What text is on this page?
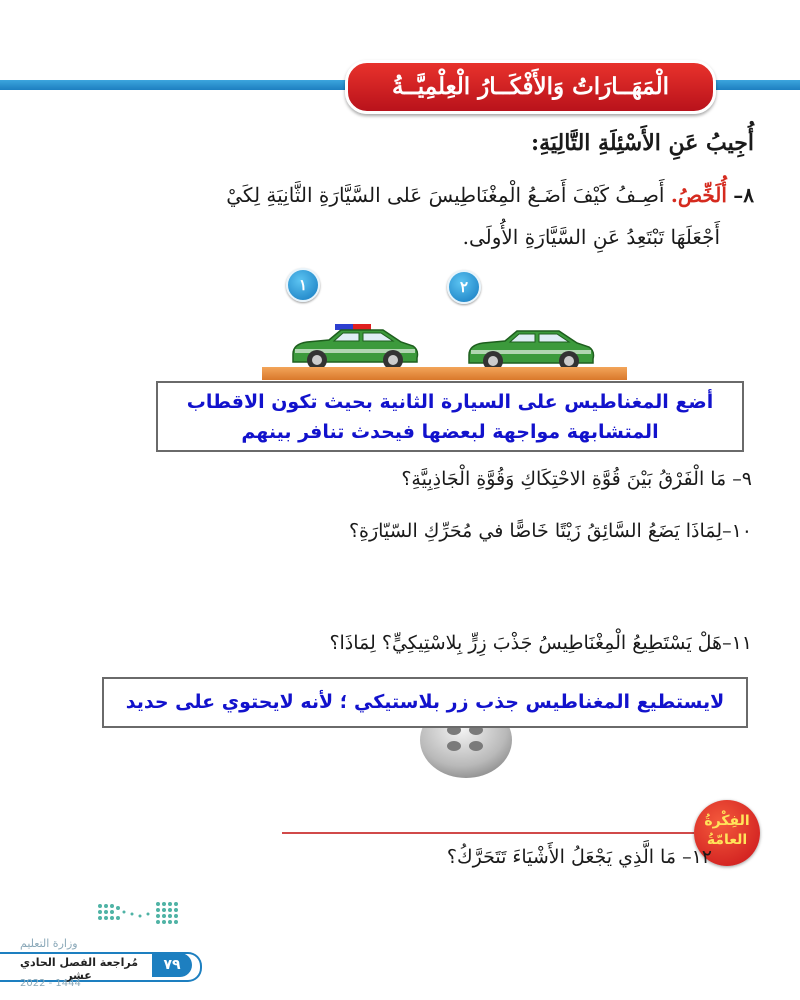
الْمَهَــارَاتُ وَالأَفْكَــارُ الْعِلْمِيَّــةُ
أُجِيبُ عَنِ الأَسْئِلَةِ التَّالِيَةِ:
٨– أُلَخِّصُ. أَصِـفُ كَيْفَ أَضَـعُ الْمِغْنَاطِيسَ عَلى السَّيَّارَةِ الثَّانِيَةِ لِكَيْ
أَجْعَلَهَا تَبْتَعِدُ عَنِ السَّيَّارَةِ الأُولَى.
١	٢
أضع المغناطيس على السيارة الثانية بحيث تكون الاقطاب
المتشابهة مواجهة لبعضها فيحدث تنافر بينهم
٩– مَا الْفَرْقُ بَيْنَ قُوَّةِ الاحْتِكَاكِ وَقُوَّةِ الْجَاذِبِيَّةِ؟
١٠–لِمَاذَا يَضَعُ السَّائِقُ زَيْتًا خَاصًّا في مُحَرِّكِ السّيّارَةِ؟
١١–هَلْ يَسْتَطِيعُ الْمِغْنَاطِيسُ جَذْبَ زِرٍّ بِلاسْتِيكِيٍّ؟ لِمَاذَا؟
لايستطيع المغناطيس جذب زر بلاستيكي ؛ لأنه لايحتوي على حديد
الفِكْرةُ
العامّةُ
١٢– مَا الَّذِي يَجْعَلُ الأَشْيَاءَ تَتَحَرَّكُ؟
وزارة التعليم
مُراجعة الفصل الحادي عشر
٧٩
2022 - 1444
